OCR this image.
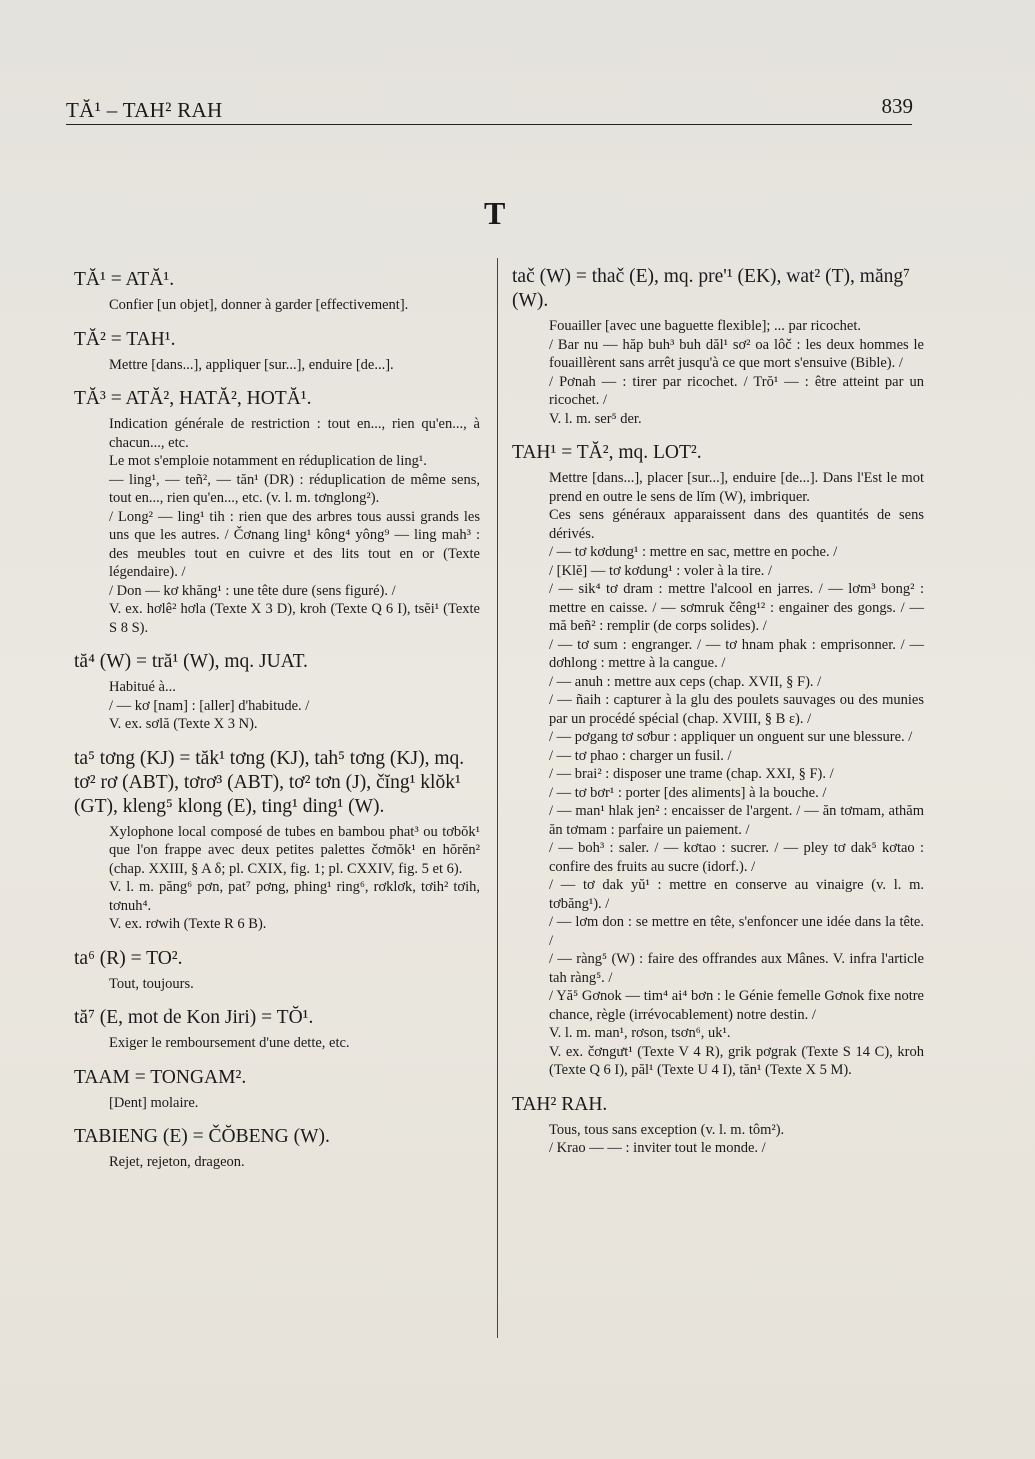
TĂ¹ – TAH² RAH	839
T
TĂ¹ = ATĂ¹.

Confier [un objet], donner à garder [effectivement].

TĂ² = TAH¹.

Mettre [dans...], appliquer [sur...], enduire [de...].

TĂ³ = ATĂ², HATĂ², HOTĂ¹.

Indication générale de restriction : tout en..., rien qu'en..., à chacun..., etc.

Le mot s'emploie notamment en réduplication de ling¹.

— ling¹, — teñ², — tăn¹ (DR) : réduplication de même sens, tout en..., rien qu'en..., etc. (v. l. m. tơnglong²).

/ Long² — ling¹ tih : rien que des arbres tous aussi grands les uns que les autres. / Čơnang ling¹ kông⁴ yông⁹ — ling mah³ : des meubles tout en cuivre et des lits tout en or (Texte légendaire). /

/ Don — kơ khăng¹ : une tête dure (sens figuré). /

V. ex. hơlê² hơla (Texte X 3 D), kroh (Texte Q 6 I), tsĕi¹ (Texte S 8 S).

tă⁴ (W) = tră¹ (W), mq. JUAT.

Habitué à...

/ — kơ [nam] : [aller] d'habitude. /

V. ex. sơlă (Texte X 3 N).

ta⁵ tơng (KJ) = tăk¹ tơng (KJ), tah⁵ tơng (KJ), mq. tơ² rơ (ABT), tơrơ³ (ABT), tơ² tơn (J), čĭng¹ klŏk¹ (GT), kleng⁵ klong (E), ting¹ ding¹ (W).

Xylophone local composé de tubes en bambou phat³ ou tơbŏk¹ que l'on frappe avec deux petites palettes čơmŏk¹ en hŏrĕn² (chap. XXIII, § A δ; pl. CXIX, fig. 1; pl. CXXIV, fig. 5 et 6).

V. l. m. păng⁶ pơn, pat⁷ pơng, phing¹ ring⁶, rơklơk, tơih² tơih, tơnuh⁴.

V. ex. rơwih (Texte R 6 B).

ta⁶ (R) = TO².

Tout, toujours.

tă⁷ (E, mot de Kon Jiri) = TŎ¹.

Exiger le remboursement d'une dette, etc.

TAAM = TONGAM².

[Dent] molaire.

TABIENG (E) = ČŎBENG (W).

Rejet, rejeton, drageon.

tač (W) = thač (E), mq. pre'¹ (EK), wat² (T), măng⁷ (W).

Fouailler [avec une baguette flexible]; ... par ricochet.

/ Bar nu — hăp buh³ buh dăl¹ sơ² oa lôč : les deux hommes le fouaillèrent sans arrêt jusqu'à ce que mort s'ensuive (Bible). /

/ Pơnah — : tirer par ricochet. / Trŏ¹ — : être atteint par un ricochet. /

V. l. m. ser⁵ der.

TAH¹ = TĂ², mq. LOT².

Mettre [dans...], placer [sur...], enduire [de...]. Dans l'Est le mot prend en outre le sens de lĭm (W), imbriquer.

Ces sens généraux apparaissent dans des quantités de sens dérivés.

/ — tơ kơdung¹ : mettre en sac, mettre en poche. /

/ [Klĕ] — tơ kơdung¹ : voler à la tire. /

/ — sik⁴ tơ dram : mettre l'alcool en jarres. / — lơm³ bong² : mettre en caisse. / — sơmruk čêng¹² : engainer des gongs. / — mă beñ² : remplir (de corps solides). /

/ — tơ sum : engranger. / — tơ hnam phak : emprisonner. / — dơhlong : mettre à la cangue. /

/ — anuh : mettre aux ceps (chap. XVII, § F). /

/ — ñaih : capturer à la glu des poulets sauvages ou des munies par un procédé spécial (chap. XVIII, § B ε). /

/ — pơgang tơ sơbur : appliquer un onguent sur une blessure. /

/ — tơ phao : charger un fusil. /

/ — brai² : disposer une trame (chap. XXI, § F). /

/ — tơ bơr¹ : porter [des aliments] à la bouche. /

/ — man¹ hlak jen² : encaisser de l'argent. / — ăn tơmam, athăm ăn tơmam : parfaire un paiement. /

/ — boh³ : saler. / — kơtao : sucrer. / — pley tơ dak⁵ kơtao : confire des fruits au sucre (idorf.). /

/ — tơ dak yŭ¹ : mettre en conserve au vinaigre (v. l. m. tơbăng¹). /

/ — lơm don : se mettre en tête, s'enfoncer une idée dans la tête. /

/ — ràng⁵ (W) : faire des offrandes aux Mânes. V. infra l'article tah ràng⁵. /

/ Yă⁵ Gơnok — tim⁴ ai⁴ bơn : le Génie femelle Gơnok fixe notre chance, règle (irrévocablement) notre destin. /

V. l. m. man¹, rơson, tsơn⁶, uk¹.

V. ex. čơngưt¹ (Texte V 4 R), grik pơgrak (Texte S 14 C), kroh (Texte Q 6 I), păl¹ (Texte U 4 I), tăn¹ (Texte X 5 M).

TAH² RAH.

Tous, tous sans exception (v. l. m. tôm²).

/ Krao — — : inviter tout le monde. /
